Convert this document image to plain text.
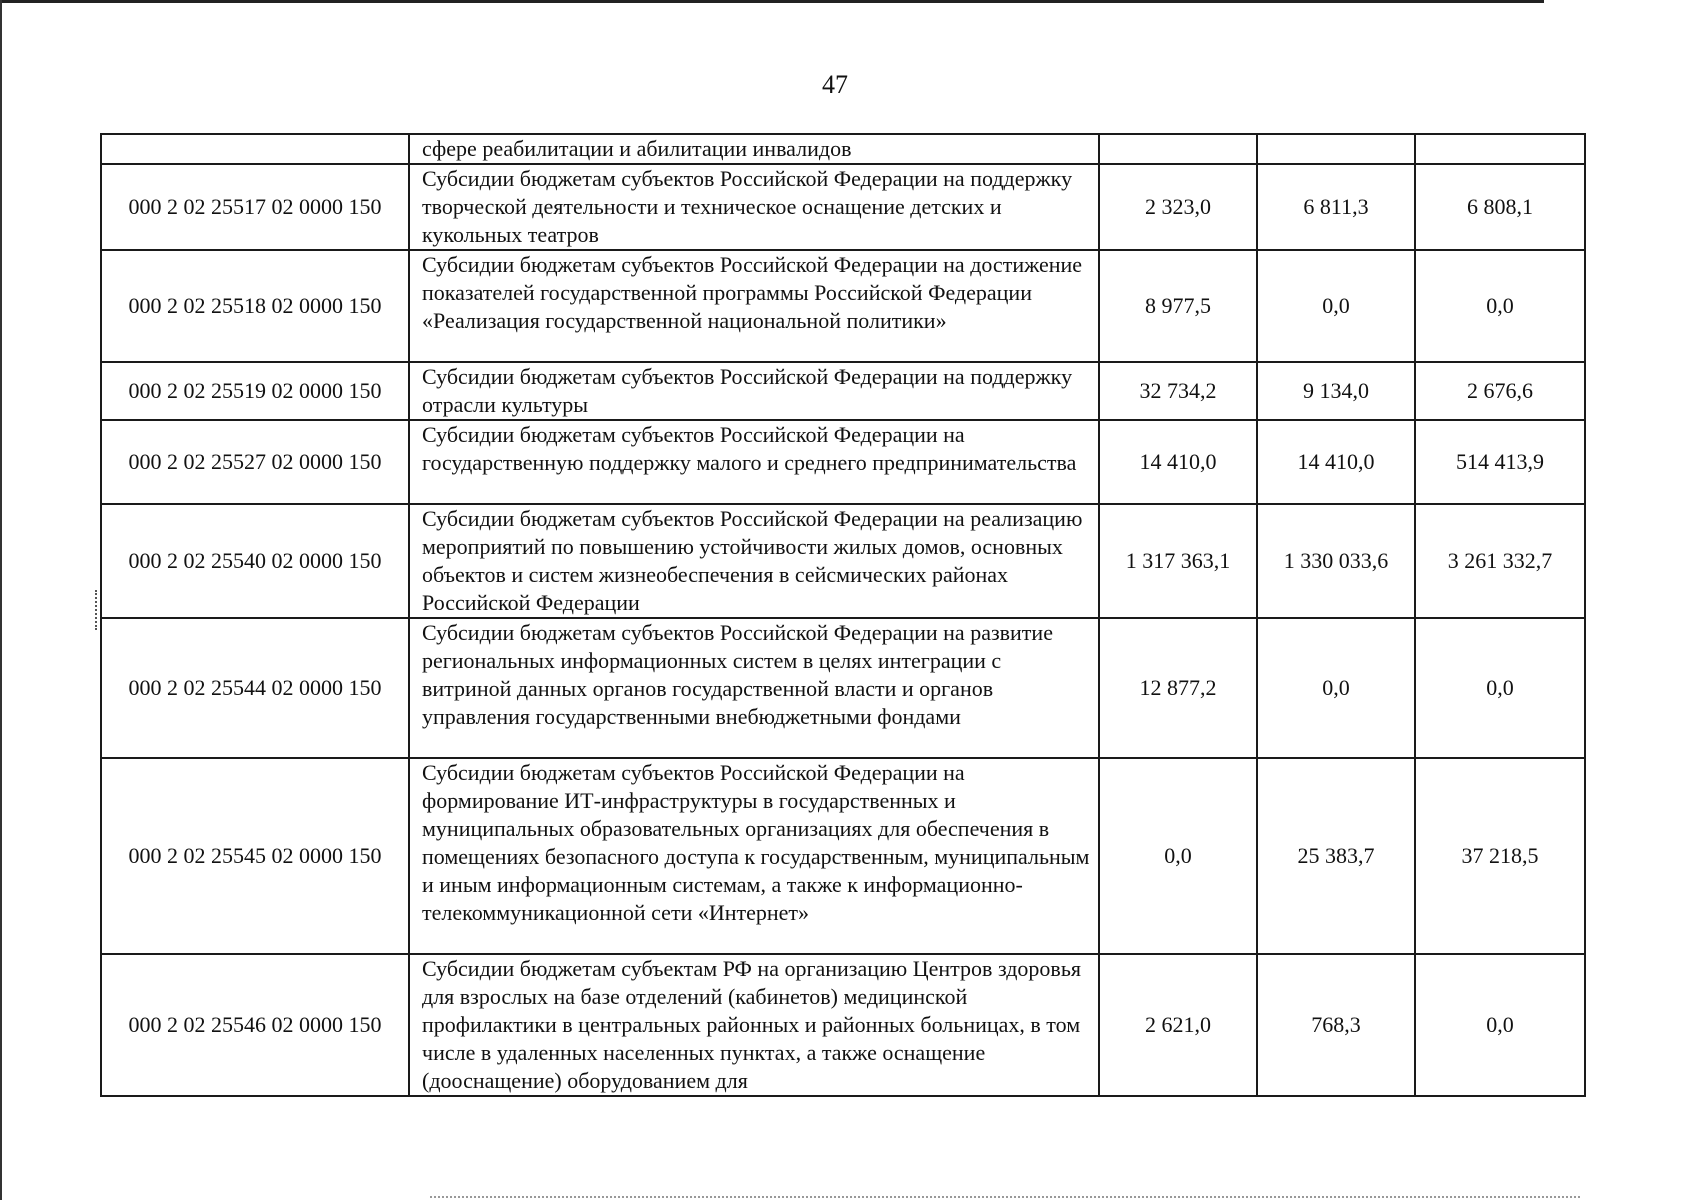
47
	сфере реабилитации и абилитации инвалидов			
000 2 02 25517 02 0000 150	Субсидии бюджетам субъектов Российской Федерации на поддержку творческой деятельности и техническое оснащение детских и кукольных театров	2 323,0	6 811,3	6 808,1
000 2 02 25518 02 0000 150	Субсидии бюджетам субъектов Российской Федерации на достижение показателей государственной программы Российской Федерации «Реализация государственной национальной политики»	8 977,5	0,0	0,0
000 2 02 25519 02 0000 150	Субсидии бюджетам субъектов Российской Федерации на поддержку отрасли культуры	32 734,2	9 134,0	2 676,6
000 2 02 25527 02 0000 150	Субсидии бюджетам субъектов Российской Федерации на государственную поддержку малого и среднего предпринимательства	14 410,0	14 410,0	514 413,9
000 2 02 25540 02 0000 150	Субсидии бюджетам субъектов Российской Федерации на реализацию мероприятий по повышению устойчивости жилых домов, основных объектов и систем жизнеобеспечения в сейсмических районах Российской Федерации	1 317 363,1	1 330 033,6	3 261 332,7
000 2 02 25544 02 0000 150	Субсидии бюджетам субъектов Российской Федерации на развитие региональных информационных систем в целях интеграции с витриной данных органов государственной власти и органов управления государственными внебюджетными фондами	12 877,2	0,0	0,0
000 2 02 25545 02 0000 150	Субсидии бюджетам субъектов Российской Федерации на формирование ИТ-инфраструктуры в государственных и муниципальных образовательных организациях для обеспечения в помещениях безопасного доступа к государственным, муниципальным и иным информационным системам, а также к информационно-телекоммуникационной сети «Интернет»	0,0	25 383,7	37 218,5
000 2 02 25546 02 0000 150	Субсидии бюджетам субъектам РФ на организацию Центров здоровья для взрослых на базе отделений (кабинетов) медицинской профилактики в центральных районных и районных больницах, в том числе в удаленных населенных пунктах, а также оснащение (дооснащение) оборудованием для	2 621,0	768,3	0,0
